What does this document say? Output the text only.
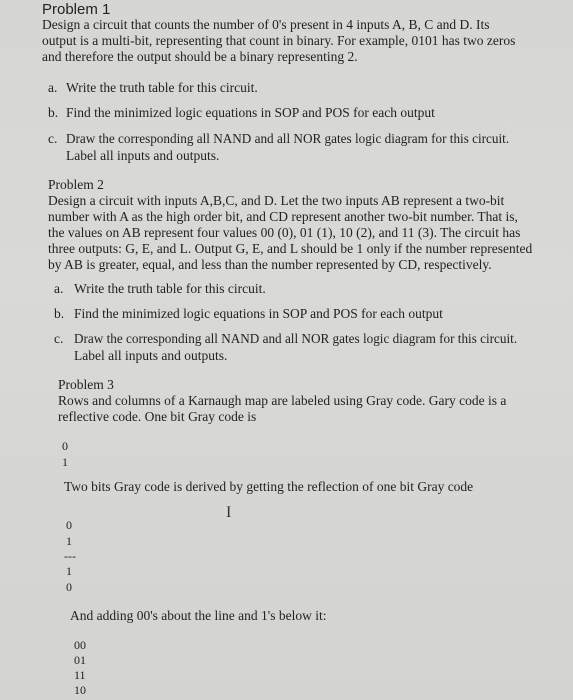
Problem 1
Design a circuit that counts the number of 0's present in 4 inputs A, B, C and D. Its
output is a multi-bit, representing that count in binary. For example, 0101 has two zeros
and therefore the output should be a binary representing 2.
a. Write the truth table for this circuit.
b. Find the minimized logic equations in SOP and POS for each output
c. Draw the corresponding all NAND and all NOR gates logic diagram for this circuit.
Label all inputs and outputs.
Problem 2
Design a circuit with inputs A,B,C, and D. Let the two inputs AB represent a two-bit
number with A as the high order bit, and CD represent another two-bit number. That is,
the values on AB represent four values 00 (0), 01 (1), 10 (2), and 11 (3). The circuit has
three outputs: G, E, and L. Output G, E, and L should be 1 only if the number represented
by AB is greater, equal, and less than the number represented by CD, respectively.
a. Write the truth table for this circuit.
b. Find the minimized logic equations in SOP and POS for each output
c. Draw the corresponding all NAND and all NOR gates logic diagram for this circuit.
Label all inputs and outputs.
Problem 3
Rows and columns of a Karnaugh map are labeled using Gray code. Gary code is a
reflective code. One bit Gray code is
0
1
Two bits Gray code is derived by getting the reflection of one bit Gray code
I
0
1
---
1
0
And adding 00's about the line and 1's below it:
00
01
11
10
